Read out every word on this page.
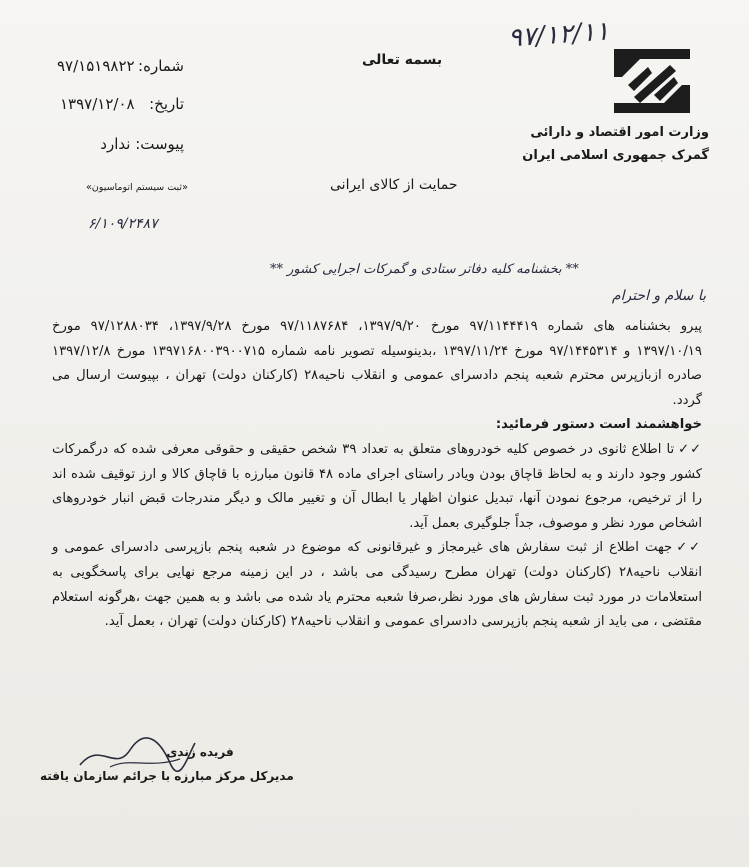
۹۷/۱۲/۱۱
بسمه تعالی
وزارت امور اقتصاد و دارائی
گمرک جمهوری اسلامی ایران
شماره:
۹۷/۱۵۱۹۸۲۲
تاریخ:
۱۳۹۷/۱۲/۰۸
پیوست: ندارد
«ثبت سیستم اتوماسیون»
۶/۱۰۹/۲۴۸۷
حمایت از کالای ایرانی
** بخشنامه کلیه دفاتر ستادی و گمرکات اجرایی کشور **
با سلام و احترام

پیرو بخشنامه های شماره ۹۷/۱۱۴۴۴۱۹ مورخ ۱۳۹۷/۹/۲۰، ۹۷/۱۱۸۷۶۸۴ مورخ ۱۳۹۷/۹/۲۸، ۹۷/۱۲۸۸۰۳۴ مورخ ۱۳۹۷/۱۰/۱۹ و ۹۷/۱۴۴۵۳۱۴ مورخ ۱۳۹۷/۱۱/۲۴ ،بدینوسیله تصویر نامه شماره ۱۳۹۷۱۶۸۰۰۳۹۰۰۷۱۵ مورخ ۱۳۹۷/۱۲/۸ صادره ازبازپرس محترم شعبه پنجم دادسرای عمومی و انقلاب ناحیه۲۸ (کارکنان دولت) تهران ، بپیوست ارسال می گردد.

خواهشمند است دستور فرمائید:

✓✓تا اطلاع ثانوی در خصوص کلیه خودروهای متعلق به تعداد ۳۹ شخص حقیقی و حقوقی معرفی شده که درگمرکات کشور وجود دارند و به لحاظ قاچاق بودن ویادر راستای اجرای ماده ۴۸ قانون مبارزه با قاچاق کالا و ارز توقیف شده اند را از ترخیص، مرجوع نمودن آنها، تبدیل عنوان اظهار یا ابطال آن و تغییر مالک و دیگر مندرجات قبض انبار خودروهای اشخاص مورد نظر و موصوف، جداً جلوگیری بعمل آید.

✓✓جهت اطلاع از ثبت سفارش های غیرمجاز و غیرقانونی که موضوع در شعبه پنجم بازپرسی دادسرای عمومی و انقلاب ناحیه۲۸ (کارکنان دولت) تهران مطرح رسیدگی می باشد ، در این زمینه مرجع نهایی برای پاسخگویی به استعلامات در مورد ثبت سفارش های مورد نظر،صرفا شعبه محترم یاد شده می باشد و به همین جهت ،هرگونه استعلام مقتضی ، می باید از شعبه پنجم بازپرسی دادسرای عمومی و انقلاب ناحیه۲۸ (کارکنان دولت) تهران ، بعمل آید.

فریده زندی
مدیرکل مرکز مبارزه با جرائم سازمان یافته
